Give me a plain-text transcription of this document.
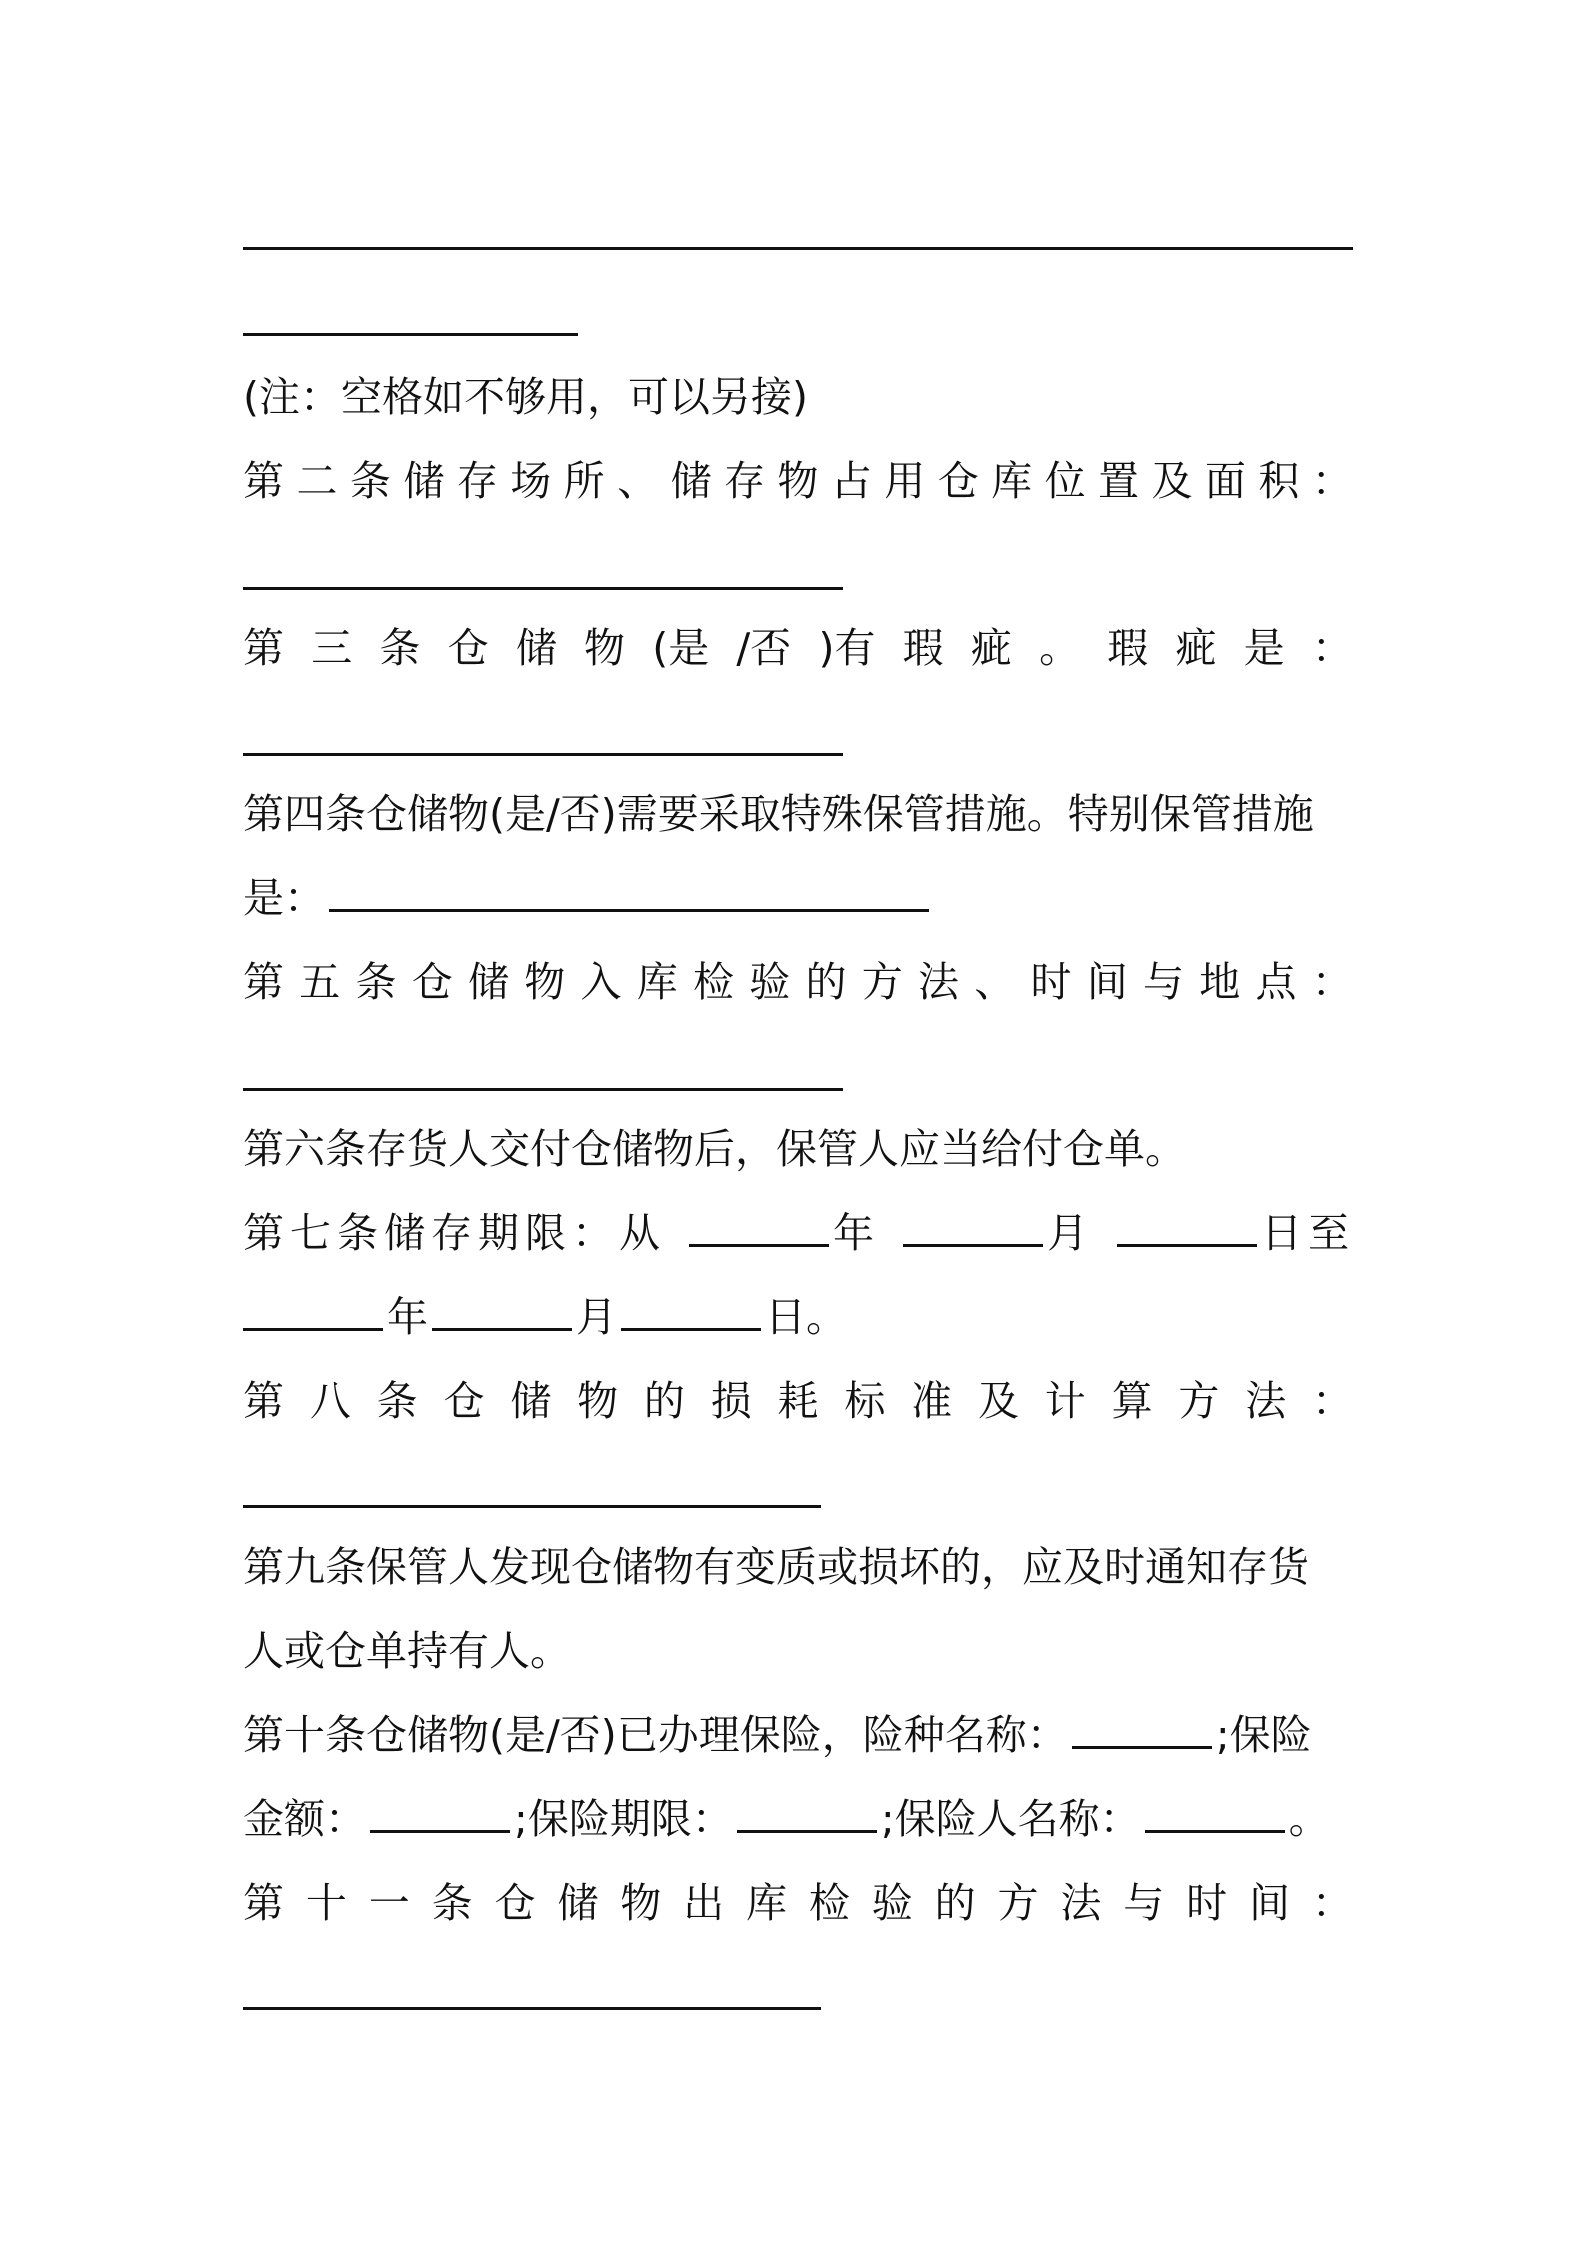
(注：空格如不够用，可以另接)
第 二 条 储 存 场 所 、 储 存 物 占 用 仓 库 位 置 及 面 积 ：
第 三 条 仓 储 物 (是 /否 )有 瑕 疵 。 瑕 疵 是 ：
第四条仓储物(是/否)需要采取特殊保管措施。特别保管措施
是：
第 五 条 仓 储 物 入 库 检 验 的 方 法 、 时 间 与 地 点 ：
第六条存货人交付仓储物后，保管人应当给付仓单。
第七条储存期限：从	年	月	日至
年	月	日。
第 八 条 仓 储 物 的 损 耗 标 准 及 计 算 方 法 ：
第九条保管人发现仓储物有变质或损坏的，应及时通知存货
人或仓单持有人。
第十条仓储物(是/否)已办理保险，险种名称：	;保险
金额：	;保险期限：	;保险人名称：	。
第 十 一 条 仓 储 物 出 库 检 验 的 方 法 与 时 间 ：
